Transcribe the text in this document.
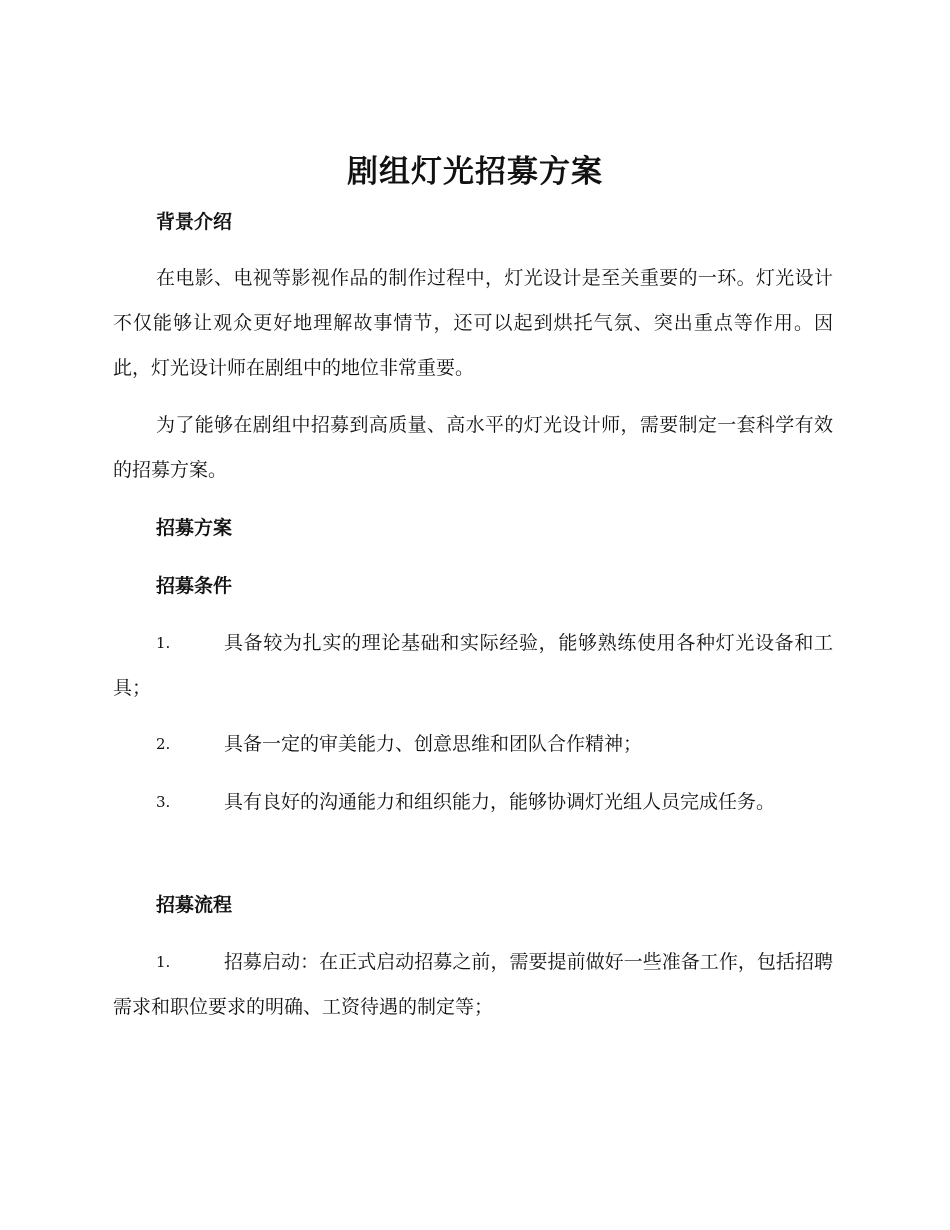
剧组灯光招募方案
背景介绍
在电影、电视等影视作品的制作过程中，灯光设计是至关重要的一环。灯光设计不仅能够让观众更好地理解故事情节，还可以起到烘托气氛、突出重点等作用。因此，灯光设计师在剧组中的地位非常重要。
为了能够在剧组中招募到高质量、高水平的灯光设计师，需要制定一套科学有效的招募方案。
招募方案
招募条件
1.	具备较为扎实的理论基础和实际经验，能够熟练使用各种灯光设备和工具；
2.	具备一定的审美能力、创意思维和团队合作精神；
3.	具有良好的沟通能力和组织能力，能够协调灯光组人员完成任务。
招募流程
1.	招募启动：在正式启动招募之前，需要提前做好一些准备工作，包括招聘需求和职位要求的明确、工资待遇的制定等；
